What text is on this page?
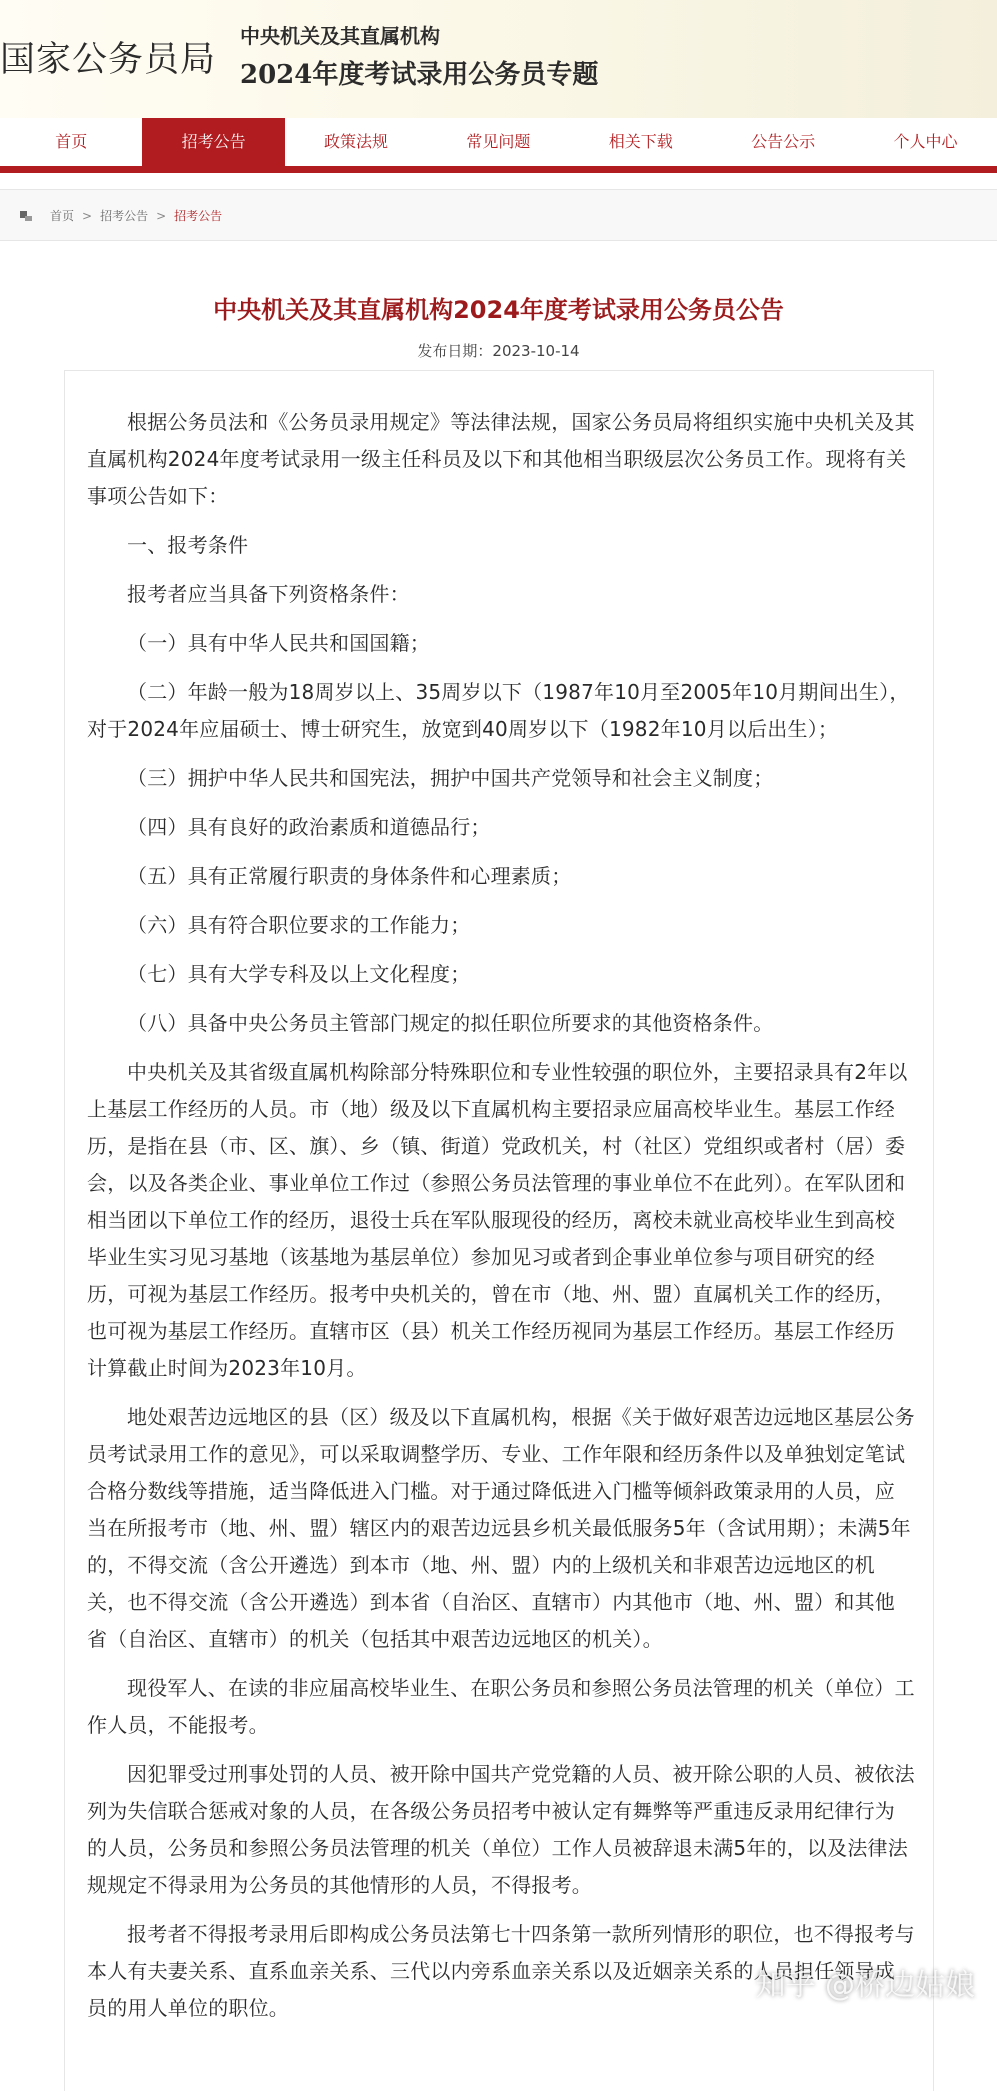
国家公务员局
中央机关及其直属机构
2024年度考试录用公务员专题
首页	招考公告	政策法规	常见问题	相关下载	公告公示	个人中心
首页 > 招考公告 > 招考公告
中央机关及其直属机构2024年度考试录用公务员公告
发布日期：2023-10-14

根据公务员法和《公务员录用规定》等法律法规，国家公务员局将组织实施中央机关及其直属机构2024年度考试录用一级主任科员及以下和其他相当职级层次公务员工作。现将有关事项公告如下：

一、报考条件

报考者应当具备下列资格条件：

（一）具有中华人民共和国国籍；

（二）年龄一般为18周岁以上、35周岁以下（1987年10月至2005年10月期间出生），对于2024年应届硕士、博士研究生，放宽到40周岁以下（1982年10月以后出生）；

（三）拥护中华人民共和国宪法，拥护中国共产党领导和社会主义制度；

（四）具有良好的政治素质和道德品行；

（五）具有正常履行职责的身体条件和心理素质；

（六）具有符合职位要求的工作能力；

（七）具有大学专科及以上文化程度；

（八）具备中央公务员主管部门规定的拟任职位所要求的其他资格条件。

中央机关及其省级直属机构除部分特殊职位和专业性较强的职位外，主要招录具有2年以上基层工作经历的人员。市（地）级及以下直属机构主要招录应届高校毕业生。基层工作经历，是指在县（市、区、旗）、乡（镇、街道）党政机关，村（社区）党组织或者村（居）委会，以及各类企业、事业单位工作过（参照公务员法管理的事业单位不在此列）。在军队团和相当团以下单位工作的经历，退役士兵在军队服现役的经历，离校未就业高校毕业生到高校毕业生实习见习基地（该基地为基层单位）参加见习或者到企事业单位参与项目研究的经历，可视为基层工作经历。报考中央机关的，曾在市（地、州、盟）直属机关工作的经历，也可视为基层工作经历。直辖市区（县）机关工作经历视同为基层工作经历。基层工作经历计算截止时间为2023年10月。

地处艰苦边远地区的县（区）级及以下直属机构，根据《关于做好艰苦边远地区基层公务员考试录用工作的意见》，可以采取调整学历、专业、工作年限和经历条件以及单独划定笔试合格分数线等措施，适当降低进入门槛。对于通过降低进入门槛等倾斜政策录用的人员，应当在所报考市（地、州、盟）辖区内的艰苦边远县乡机关最低服务5年（含试用期）；未满5年的，不得交流（含公开遴选）到本市（地、州、盟）内的上级机关和非艰苦边远地区的机关，也不得交流（含公开遴选）到本省（自治区、直辖市）内其他市（地、州、盟）和其他省（自治区、直辖市）的机关（包括其中艰苦边远地区的机关）。

现役军人、在读的非应届高校毕业生、在职公务员和参照公务员法管理的机关（单位）工作人员，不能报考。

因犯罪受过刑事处罚的人员、被开除中国共产党党籍的人员、被开除公职的人员、被依法列为失信联合惩戒对象的人员，在各级公务员招考中被认定有舞弊等严重违反录用纪律行为的人员，公务员和参照公务员法管理的机关（单位）工作人员被辞退未满5年的，以及法律法规规定不得录用为公务员的其他情形的人员，不得报考。

报考者不得报考录用后即构成公务员法第七十四条第一款所列情形的职位，也不得报考与本人有夫妻关系、直系血亲关系、三代以内旁系血亲关系以及近姻亲关系的人员担任领导成员的用人单位的职位。

知乎 @桥边姑娘
